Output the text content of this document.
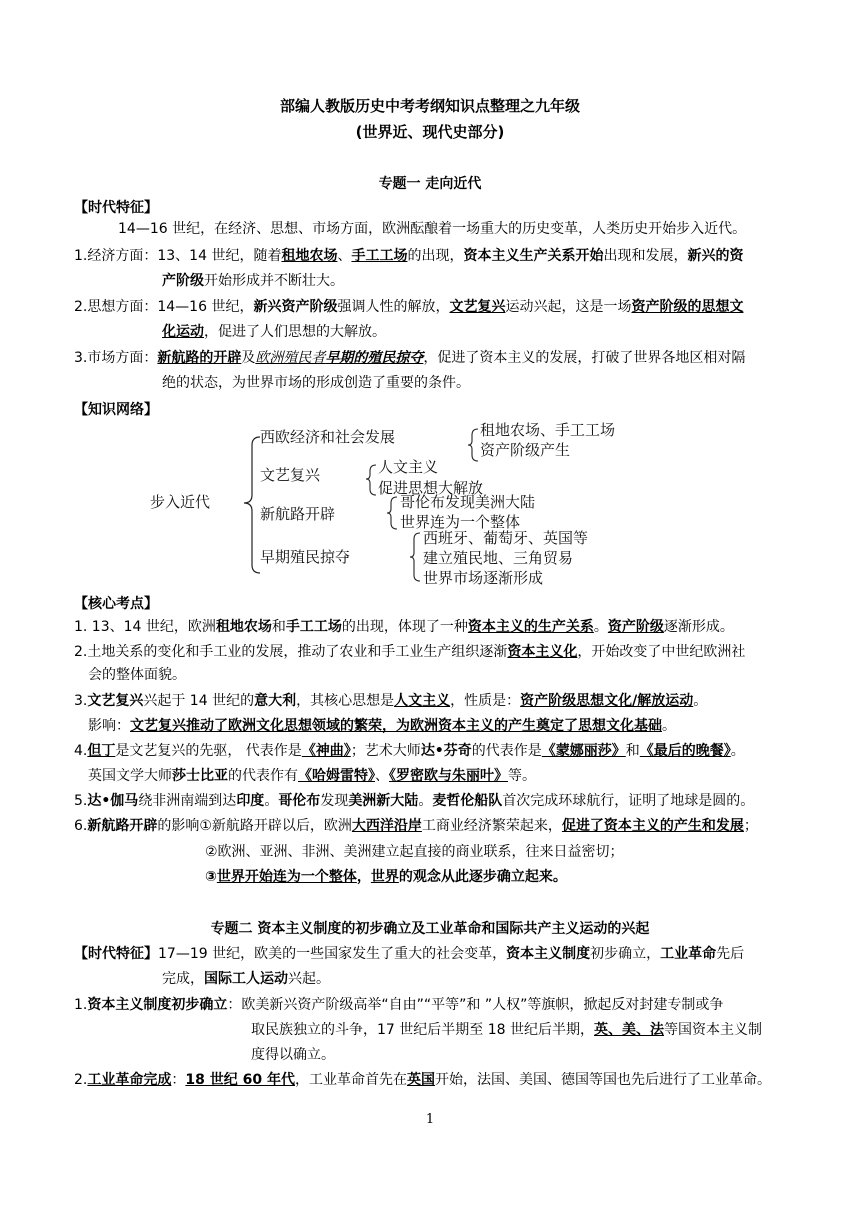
部编人教版历史中考考纲知识点整理之九年级
(世界近、现代史部分)
专题一 走向近代
【时代特征】
14—16 世纪，在经济、思想、市场方面，欧洲酝酿着一场重大的历史变革，人类历史开始步入近代。
1.经济方面：13、14 世纪，随着租地农场、手工工场的出现，资本主义生产关系开始出现和发展，新兴的资
产阶级开始形成并不断壮大。
2.思想方面：14—16 世纪，新兴资产阶级强调人性的解放，文艺复兴运动兴起，这是一场资产阶级的思想文
化运动，促进了人们思想的大解放。
3.市场方面：新航路的开辟及欧洲殖民者早期的殖民掠夺，促进了资本主义的发展，打破了世界各地区相对隔
绝的状态，为世界市场的形成创造了重要的条件。
【知识网络】
步入近代
西欧经济和社会发展	租地农场、手工工场
资产阶级产生
文艺复兴	人文主义
促进思想大解放
新航路开辟
哥伦布发现美洲大陆
世界连为一个整体
早期殖民掠夺
西班牙、葡萄牙、英国等
建立殖民地、三角贸易
世界市场逐渐形成
【核心考点】
1. 13、14 世纪，欧洲租地农场和手工工场的出现，体现了一种资本主义的生产关系。资产阶级逐渐形成。
2.土地关系的变化和手工业的发展，推动了农业和手工业生产组织逐渐资本主义化，开始改变了中世纪欧洲社
会的整体面貌。
3.文艺复兴兴起于 14 世纪的意大利，其核心思想是人文主义，性质是：资产阶级思想文化/解放运动。
影响：文艺复兴推动了欧洲文化思想领域的繁荣，为欧洲资本主义的产生奠定了思想文化基础。
4.但丁是文艺复兴的先驱， 代表作是《神曲》；艺术大师达•芬奇的代表作是《蒙娜丽莎》和《最后的晚餐》。
英国文学大师莎士比亚的代表作有《哈姆雷特》、《罗密欧与朱丽叶》等。
5.达•伽马绕非洲南端到达印度。哥伦布发现美洲新大陆。麦哲伦船队首次完成环球航行，证明了地球是圆的。
6.新航路开辟的影响①新航路开辟以后，欧洲大西洋沿岸工商业经济繁荣起来，促进了资本主义的产生和发展；
②欧洲、亚洲、非洲、美洲建立起直接的商业联系，往来日益密切；
③世界开始连为一个整体，世界的观念从此逐步确立起来。
专题二 资本主义制度的初步确立及工业革命和国际共产主义运动的兴起
【时代特征】17—19 世纪，欧美的一些国家发生了重大的社会变革，资本主义制度初步确立，工业革命先后
完成，国际工人运动兴起。
1.资本主义制度初步确立：欧美新兴资产阶级高举“自由”“平等”和 ”人权”等旗帜，掀起反对封建专制或争
取民族独立的斗争，17 世纪后半期至 18 世纪后半期，英、美、法等国资本主义制
度得以确立。
2.工业革命完成：18 世纪 60 年代，工业革命首先在英国开始，法国、美国、德国等国也先后进行了工业革命。
1
